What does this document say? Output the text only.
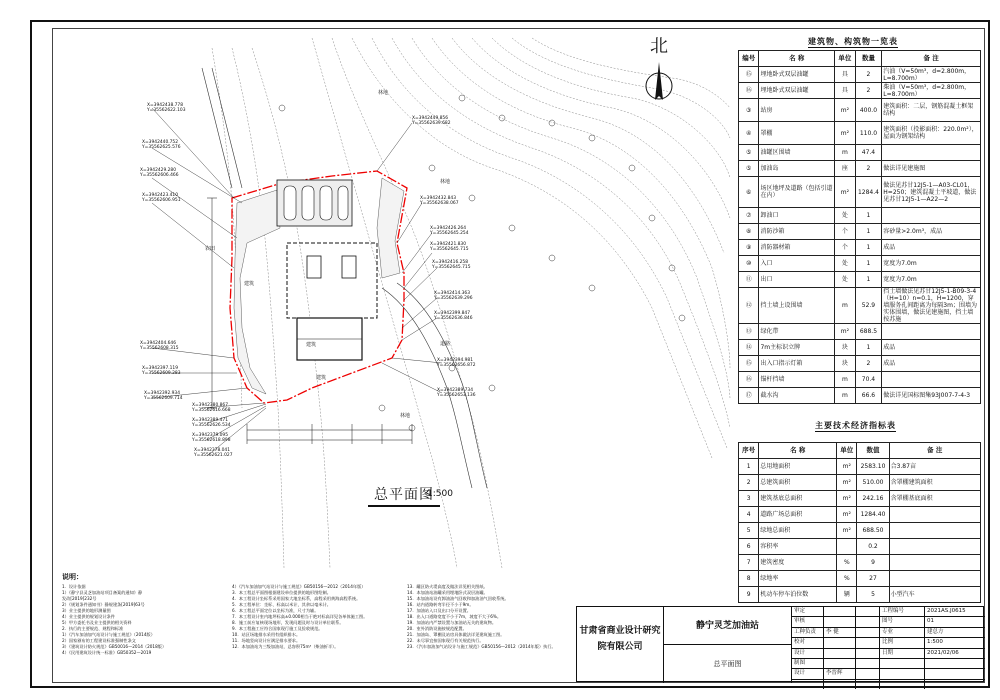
林地
林地
林地
建筑
建筑
建筑
道路
农田
X=3942438.778
Y=35562622.103
X=3942440.752
Y=35562625.576
X=3942429.280
Y=35562606.466
X=3942423.410
Y=35562606.951
X=3942449.856
Y=35562639.682
X=3942432.843
Y=35562638.067
X=3942426.264
Y=35562645.254
X=3942421.830
Y=35562645.715
X=3942416.258
Y=35562645.715
X=3942414.363
Y=35562639.296
X=3942399.847
Y=35562636.846
X=3942404.646
Y=35562608.315
X=3942397.119
Y=35562609.283
X=3942392.934
Y=35562609.714
X=3942380.867
Y=35562616.668
X=3942389.471
Y=35562626.534
X=3942379.095
Y=35562618.898
X=3942378.041
Y=35562621.027
X=3942394.981
Y=35562656.872
X=3942389.734
Y=35562653.136
总平面图
1:500
北	建筑物、构筑物一览表
编号	名 称	单位	数量	备 注
⑮	埋地卧式双层油罐	具	2	汽油（V=50m³，d=2.800m，L=8.700m）
⑯	埋地卧式双层油罐	具	2	柴油（V=50m³，d=2.800m，L=8.700m）
③	站房	m²	400.0	建筑面积：二层，钢筋混凝土框架结构
④	罩棚	m²	110.0	建筑面积（投影面积：220.0m²），屋面为钢架结构
⑤	油罐区围墙	m	47.4	
⑤	加油岛	座	2	做法详见建施图
⑥	场区地坪及道路（包括引道在内）	m²	1284.4	做法见苏甘12J5-1—A03-CL01，H=250；建筑混凝土平坡道，做法见苏甘12J5-1—A22—2
⑦	卸油口	处	1	
⑧	消防沙箱	个	1	容砂量>2.0m³，成品
⑨	消防器材箱	个	1	成品
⑩	入口	处	1	宽度为7.0m
⑪	出口	处	1	宽度为7.0m
⑫	挡土墙上设围墙	m	52.9	挡土墙做法见苏甘12J5-1-B09-3-4（H=10）n=0.1，H=1200，穿墙服务孔间距离为每隔3m；围墙为实体围墙，做法见建施图，挡土墙按苏施
⑬	绿化带	m²	688.5	
⑭	7m主标识立牌	块	1	成品
⑮	出入口指示灯箱	块	2	成品
⑯	锚杆挡墙	m	70.4	
⑰	截水沟	m	66.6	做法详见国标图集93J007-7-4-3
主要技术经济指标表
序号	名 称	单位	数值	备 注
1	总用地面积	m²	2583.10	合3.87亩
2	总建筑面积	m²	510.00	含罩棚建筑面积
3	建筑基底总面积	m²	242.16	含罩棚基底面积
4	道路广场总面积	m²	1284.40	
5	绿地总面积	m²	688.50	
6	容积率		0.2	
7	建筑密度	%	9	
8	绿地率	%	27	
9	机动车停车泊位数	辆	5	小型汽车
说明：
1．设计依据
1）《静宁县灵芝加油站项目备案的通知》静
发改[2019]232号
2）《规划条件通知书》静规建条[2019]63号
3）业主提供的地形测量图
4）业主提供的规划设计条件
5）甲方委托书及业主提供的相关资料
2．执行的主要规范、规程和标准
1）《汽车加油加气站设计与施工规范》（2014版）
2）国家颁布的工程建设标准强制性条文
3）《建筑设计防火规范》GB50016—2014（2018版）
4）《民用建筑设计统一标准》GB50352—2019
4）《汽车加油加气站设计与施工规范》GB50156—2012（2014年版）
3．本工程总平面图根据建设单位提供的地形图绘制。
4．本工程设计坐标系采用国家大地坐标系，高程采用黄海高程系统。
5．本工程单位：坐标、标高以米计，其余以毫米计。
6．本工程总平面定位以坐标为准，尺寸为辅。
7．本工程设计室内地坪标高±0.000相当于绝对标高详见各单体施工图。
8．施工前应复核现场地形，发现问题及时与设计单位联系。
9．本工程施工应符合国家现行施工及验收规范。
10．站区场地排水采用有组织排水。
11．场地竖向设计应满足排水要求。
12．本加油站为三级加油站，总容积75m³（柴油折半）。
13．罐区防火堤高度及做法详见相关图纸。
14．本加油站油罐采用埋地卧式双层油罐。
15．本加油站设有卸油油气回收和加油油气回收系统。
16．站内道路转弯半径不小于9m。
17．加油站入口及出口分开设置。
18．出入口道路宽度不小于7m，坡度不大于6%。
19．加油站内严禁设置与加油站无关的建筑物。
20．室外消防设施按规范配置。
21．加油岛、罩棚及站房具体做法详见建筑施工图。
22．未尽事宜按国家现行有关规范执行。
23．《汽车加油加气站设计与施工规范》GB50156—2012（2014年版）执行。
甘肃省商业设计研究院有限公司
静宁灵芝加油站
总平面图
审定	工程编号	2021AS.J0615
审核	图号	01
工种负责	李 健	专业	建总方
校对	比例	1:500
设计	日期	2021/02/06
制图
设计	李晋辉
